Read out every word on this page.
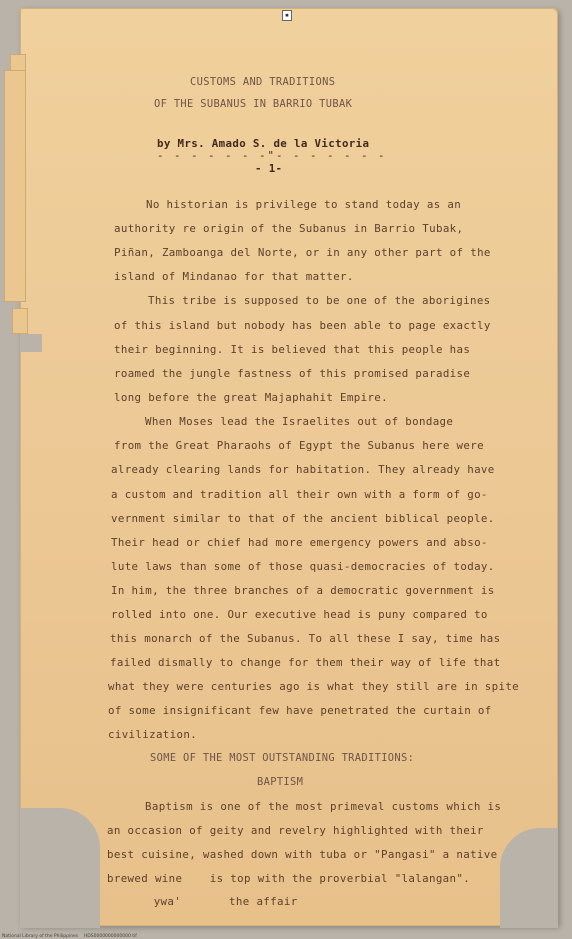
▪

CUSTOMS AND TRADITIONS

OF THE SUBANUS IN BARRIO TUBAK

by Mrs. Amado S. de la Victoria

- - - - - - -"- - - - - - -

- 1-

No historian is privilege to stand today as an

authority re origin of the Subanus in Barrio Tubak,

Piñan, Zamboanga del Norte, or in any other part of the

island of Mindanao for that matter.

This tribe is supposed to be one of the aborigines

of this island but nobody has been able to page exactly

their beginning. It is believed that this people has

roamed the jungle fastness of this promised paradise

long before the great Majaphahit Empire.

When Moses lead the Israelites out of bondage

from the Great Pharaohs of Egypt the Subanus here were

already clearing lands for habitation. They already have

a custom and tradition all their own with a form of go-

vernment similar to that of the ancient biblical people.

Their head or chief had more emergency powers and abso-

lute laws than some of those quasi-democracies of today.

In him, the three branches of a democratic government is

rolled into one. Our executive head is puny compared to

this monarch of the Subanus. To all these I say, time has

failed dismally to change for them their way of life that

what they were centuries ago is what they still are in spite

of some insignificant few have penetrated the curtain of

civilization.

SOME OF THE MOST OUTSTANDING TRADITIONS:

BAPTISM

Baptism is one of the most primeval customs which is

an occasion of geity and revelry highlighted with their

best cuisine, washed down with tuba or "Pangasi" a native

brewed wine    is top with the proverbial "lalangan".

ywa'       the affair

National Library of the Philippines    HDS0000000000000 tif
